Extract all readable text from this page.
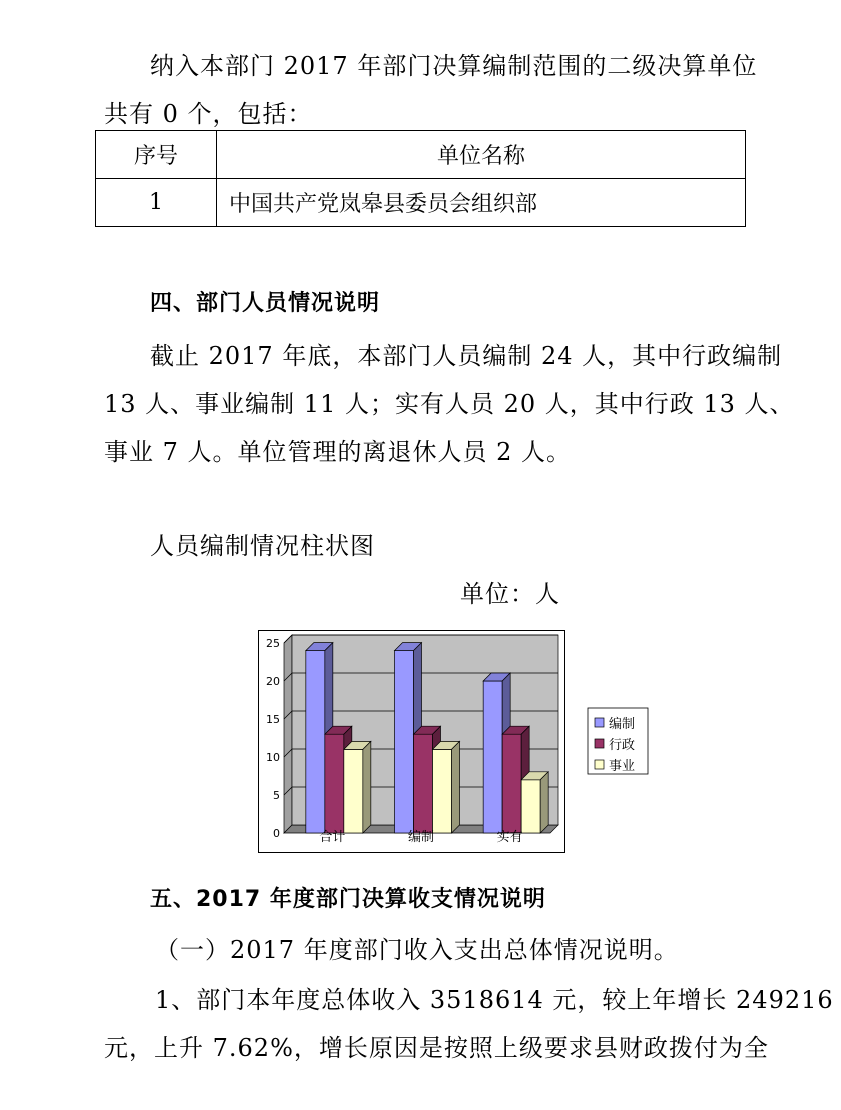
纳入本部门 2017 年部门决算编制范围的二级决算单位
共有 0 个，包括：
序号	单位名称
1	中国共产党岚皋县委员会组织部
四、部门人员情况说明
截止 2017 年底，本部门人员编制 24 人，其中行政编制
13 人、事业编制 11 人；实有人员 20 人，其中行政 13 人、
事业 7 人。单位管理的离退休人员 2 人。
人员编制情况柱状图
单位：人
0
5
10
15
20
25
合计	编制	实有
编制
行政
事业
五、2017 年度部门决算收支情况说明
（一）2017 年度部门收入支出总体情况说明。
1、部门本年度总体收入 3518614 元，较上年增长 249216
元，上升 7.62%，增长原因是按照上级要求县财政拨付为全
